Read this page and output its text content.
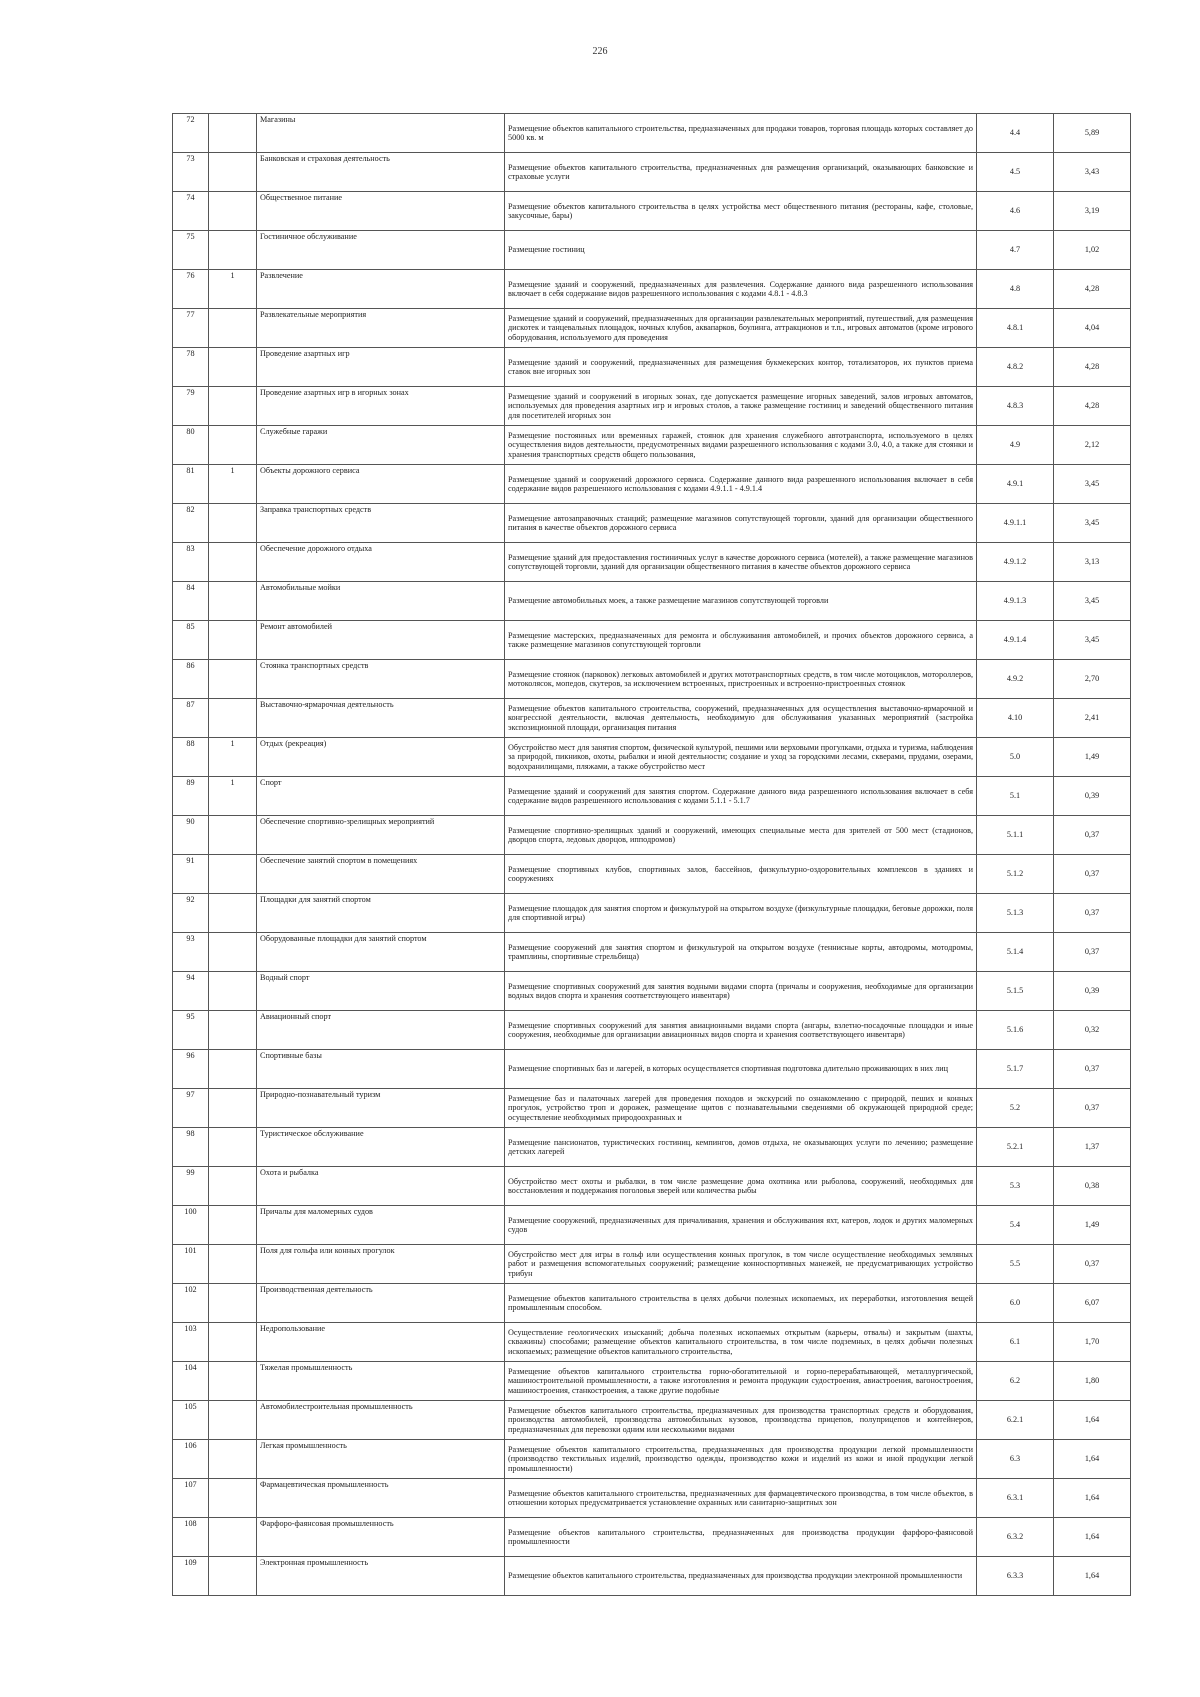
226
72		Магазины	Размещение объектов капитального строительства, предназначенных для продажи товаров, торговая площадь которых составляет до 5000 кв. м	4.4	5,89
73		Банковская и страховая деятельность	Размещение объектов капитального строительства, предназначенных для размещения организаций, оказывающих банковские и страховые услуги	4.5	3,43
74		Общественное питание	Размещение объектов капитального строительства в целях устройства мест общественного питания (рестораны, кафе, столовые, закусочные, бары)	4.6	3,19
75		Гостиничное обслуживание	Размещение гостиниц	4.7	1,02
76	1	Развлечение	Размещение зданий и сооружений, предназначенных для развлечения. Содержание данного вида разрешенного использования включает в себя содержание видов разрешенного использования с кодами 4.8.1 - 4.8.3	4.8	4,28
77		Развлекательные мероприятия	Размещение зданий и сооружений, предназначенных для организации развлекательных мероприятий, путешествий, для размещения дискотек и танцевальных площадок, ночных клубов, аквапарков, боулинга, аттракционов и т.п., игровых автоматов (кроме игрового оборудования, используемого для проведения	4.8.1	4,04
78		Проведение азартных игр	Размещение зданий и сооружений, предназначенных для размещения букмекерских контор, тотализаторов, их пунктов приема ставок вне игорных зон	4.8.2	4,28
79		Проведение азартных игр в игорных зонах	Размещение зданий и сооружений в игорных зонах, где допускается размещение игорных заведений, залов игровых автоматов, используемых для проведения азартных игр и игровых столов, а также размещение гостиниц и заведений общественного питания для посетителей игорных зон	4.8.3	4,28
80		Служебные гаражи	Размещение постоянных или временных гаражей, стоянок для хранения служебного автотранспорта, используемого в целях осуществления видов деятельности, предусмотренных видами разрешенного использования с кодами 3.0, 4.0, а также для стоянки и хранения транспортных средств общего пользования,	4.9	2,12
81	1	Объекты дорожного сервиса	Размещение зданий и сооружений дорожного сервиса. Содержание данного вида разрешенного использования включает в себя содержание видов разрешенного использования с кодами 4.9.1.1 - 4.9.1.4	4.9.1	3,45
82		Заправка транспортных средств	Размещение автозаправочных станций; размещение магазинов сопутствующей торговли, зданий для организации общественного питания в качестве объектов дорожного сервиса	4.9.1.1	3,45
83		Обеспечение дорожного отдыха	Размещение зданий для предоставления гостиничных услуг в качестве дорожного сервиса (мотелей), а также размещение магазинов сопутствующей торговли, зданий для организации общественного питания в качестве объектов дорожного сервиса	4.9.1.2	3,13
84		Автомобильные мойки	Размещение автомобильных моек, а также размещение магазинов сопутствующей торговли	4.9.1.3	3,45
85		Ремонт автомобилей	Размещение мастерских, предназначенных для ремонта и обслуживания автомобилей, и прочих объектов дорожного сервиса, а также размещение магазинов сопутствующей торговли	4.9.1.4	3,45
86		Стоянка транспортных средств	Размещение стоянок (парковок) легковых автомобилей и других мототранспортных средств, в том числе мотоциклов, мотороллеров, мотоколясок, мопедов, скутеров, за исключением встроенных, пристроенных и встроенно-пристроенных стоянок	4.9.2	2,70
87		Выставочно-ярмарочная деятельность	Размещение объектов капитального строительства, сооружений, предназначенных для осуществления выставочно-ярмарочной и конгрессной деятельности, включая деятельность, необходимую для обслуживания указанных мероприятий (застройка экспозиционной площади, организация питания	4.10	2,41
88	1	Отдых (рекреация)	Обустройство мест для занятия спортом, физической культурой, пешими или верховыми прогулками, отдыха и туризма, наблюдения за природой, пикников, охоты, рыбалки и иной деятельности; создание и уход за городскими лесами, скверами, прудами, озерами, водохранилищами, пляжами, а также обустройство мест	5.0	1,49
89	1	Спорт	Размещение зданий и сооружений для занятия спортом. Содержание данного вида разрешенного использования включает в себя содержание видов разрешенного использования с кодами 5.1.1 - 5.1.7	5.1	0,39
90		Обеспечение спортивно-зрелищных мероприятий	Размещение спортивно-зрелищных зданий и сооружений, имеющих специальные места для зрителей от 500 мест (стадионов, дворцов спорта, ледовых дворцов, ипподромов)	5.1.1	0,37
91		Обеспечение занятий спортом в помещениях	Размещение спортивных клубов, спортивных залов, бассейнов, физкультурно-оздоровительных комплексов в зданиях и сооружениях	5.1.2	0,37
92		Площадки для занятий спортом	Размещение площадок для занятия спортом и физкультурой на открытом воздухе (физкультурные площадки, беговые дорожки, поля для спортивной игры)	5.1.3	0,37
93		Оборудованные площадки для занятий спортом	Размещение сооружений для занятия спортом и физкультурой на открытом воздухе (теннисные корты, автодромы, мотодромы, трамплины, спортивные стрельбища)	5.1.4	0,37
94		Водный спорт	Размещение спортивных сооружений для занятия водными видами спорта (причалы и сооружения, необходимые для организации водных видов спорта и хранения соответствующего инвентаря)	5.1.5	0,39
95		Авиационный спорт	Размещение спортивных сооружений для занятия авиационными видами спорта (ангары, взлетно-посадочные площадки и иные сооружения, необходимые для организации авиационных видов спорта и хранения соответствующего инвентаря)	5.1.6	0,32
96		Спортивные базы	Размещение спортивных баз и лагерей, в которых осуществляется спортивная подготовка длительно проживающих в них лиц	5.1.7	0,37
97		Природно-познавательный туризм	Размещение баз и палаточных лагерей для проведения походов и экскурсий по ознакомлению с природой, пеших и конных прогулок, устройство троп и дорожек, размещение щитов с познавательными сведениями об окружающей природной среде; осуществление необходимых природоохранных и	5.2	0,37
98		Туристическое обслуживание	Размещение пансионатов, туристических гостиниц, кемпингов, домов отдыха, не оказывающих услуги по лечению; размещение детских лагерей	5.2.1	1,37
99		Охота и рыбалка	Обустройство мест охоты и рыбалки, в том числе размещение дома охотника или рыболова, сооружений, необходимых для восстановления и поддержания поголовья зверей или количества рыбы	5.3	0,38
100		Причалы для маломерных судов	Размещение сооружений, предназначенных для причаливания, хранения и обслуживания яхт, катеров, лодок и других маломерных судов	5.4	1,49
101		Поля для гольфа или конных прогулок	Обустройство мест для игры в гольф или осуществления конных прогулок, в том числе осуществление необходимых земляных работ и размещения вспомогательных сооружений; размещение конноспортивных манежей, не предусматривающих устройство трибун	5.5	0,37
102		Производственная деятельность	Размещение объектов капитального строительства в целях добычи полезных ископаемых, их переработки, изготовления вещей промышленным способом.	6.0	6,07
103		Недропользование	Осуществление геологических изысканий; добыча полезных ископаемых открытым (карьеры, отвалы) и закрытым (шахты, скважины) способами; размещение объектов капитального строительства, в том числе подземных, в целях добычи полезных ископаемых; размещение объектов капитального строительства,	6.1	1,70
104		Тяжелая промышленность	Размещение объектов капитального строительства горно-обогатительной и горно-перерабатывающей, металлургической, машиностроительной промышленности, а также изготовления и ремонта продукции судостроения, авиастроения, вагоностроения, машиностроения, станкостроения, а также другие подобные	6.2	1,80
105		Автомобилестроительная промышленность	Размещение объектов капитального строительства, предназначенных для производства транспортных средств и оборудования, производства автомобилей, производства автомобильных кузовов, производства прицепов, полуприцепов и контейнеров, предназначенных для перевозки одним или несколькими видами	6.2.1	1,64
106		Легкая промышленность	Размещение объектов капитального строительства, предназначенных для производства продукции легкой промышленности (производство текстильных изделий, производство одежды, производство кожи и изделий из кожи и иной продукции легкой промышленности)	6.3	1,64
107		Фармацевтическая промышленность	Размещение объектов капитального строительства, предназначенных для фармацевтического производства, в том числе объектов, в отношении которых предусматривается установление охранных или санитарно-защитных зон	6.3.1	1,64
108		Фарфоро-фаянсовая промышленность	Размещение объектов капитального строительства, предназначенных для производства продукции фарфоро-фаянсовой промышленности	6.3.2	1,64
109		Электронная промышленность	Размещение объектов капитального строительства, предназначенных для производства продукции электронной промышленности	6.3.3	1,64
